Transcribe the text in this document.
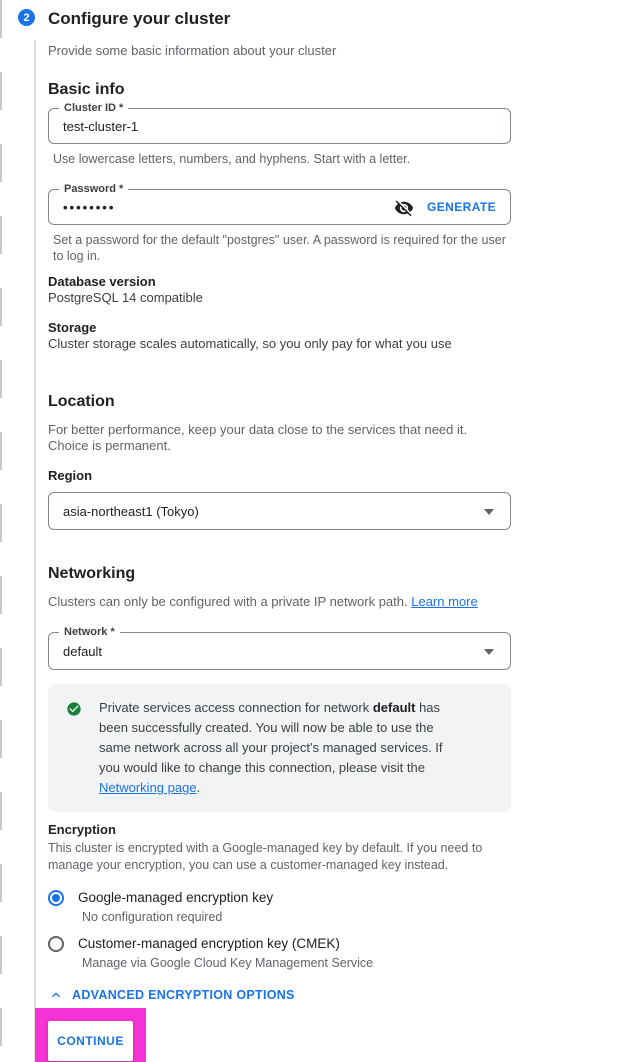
2	Configure your cluster
Provide some basic information about your cluster
Basic info
Cluster ID *
test-cluster-1
Use lowercase letters, numbers, and hyphens. Start with a letter.
Password *
••••••••	GENERATE
Set a password for the default "postgres" user. A password is required for the user to log in.
Database version
PostgreSQL 14 compatible
Storage
Cluster storage scales automatically, so you only pay for what you use
Location
For better performance, keep your data close to the services that need it. Choice is permanent.
Region
asia-northeast1 (Tokyo)
Networking
Clusters can only be configured with a private IP network path. Learn more
Network *
default
Private services access connection for network default has been successfully created. You will now be able to use the same network across all your project's managed services. If you would like to change this connection, please visit the Networking page.
Encryption
This cluster is encrypted with a Google-managed key by default. If you need to manage your encryption, you can use a customer-managed key instead.
Google-managed encryption key
No configuration required
Customer-managed encryption key (CMEK)
Manage via Google Cloud Key Management Service
ADVANCED ENCRYPTION OPTIONS
CONTINUE
